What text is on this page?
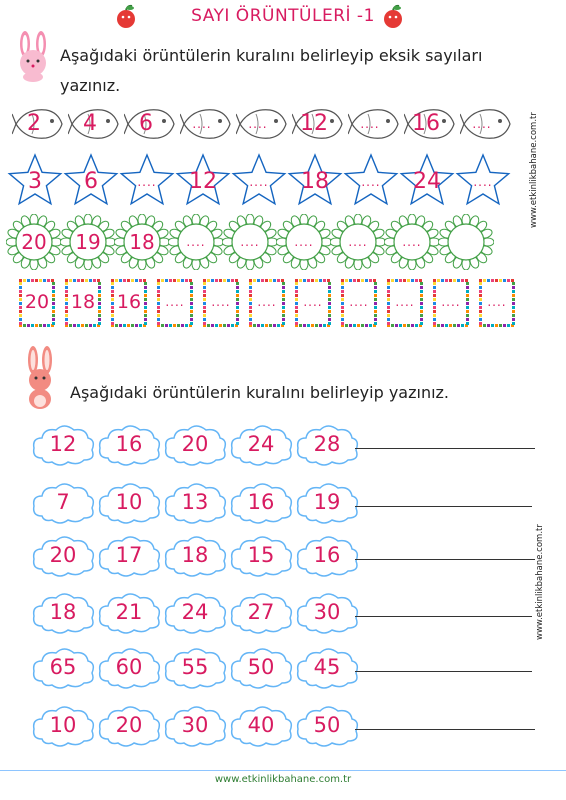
SAYI ÖRÜNTÜLERİ -1
Aşağıdaki örüntülerin kuralını belirleyip eksik sayıları
yazınız.
www.etkinlikbahane.com.tr
2	4	6	....	....	12	....	16	....
3	6	....	12	....	18	....	24	....
20	19	18	....	....	....	....	....
20 18 16	....	....	....	....	....	....	....	....
Aşağıdaki örüntülerin kuralını belirleyip yazınız.
www.etkinlikbahane.com.tr
12	16	20	24	28
7	10	13	16	19
20	17	18	15	16
18	21	24	27	30
65	60	55	50	45
10	20	30	40	50
www.etkinlikbahane.com.tr
